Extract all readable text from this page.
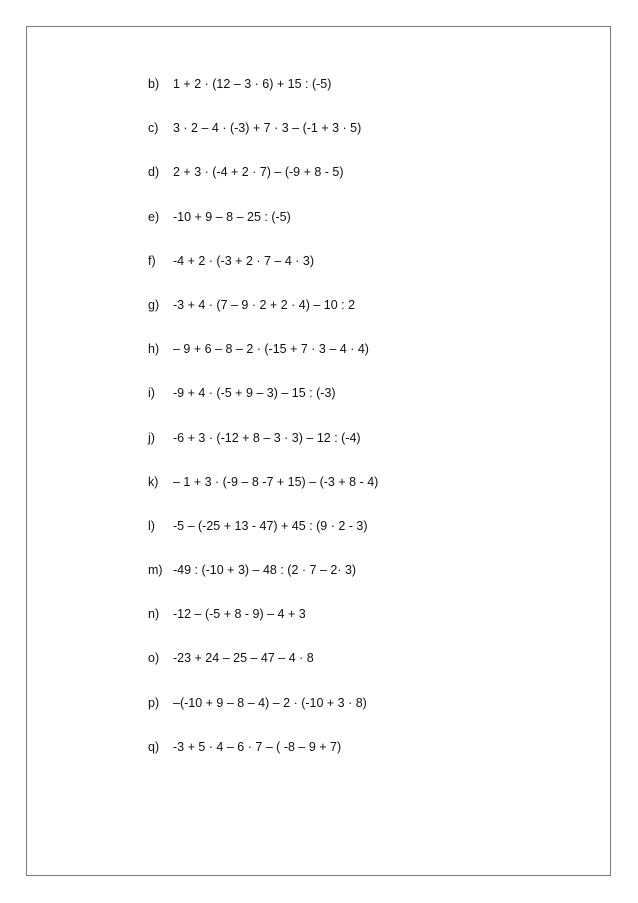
b) 1 + 2 · (12 – 3 · 6) + 15 : (-5)
c) 3 · 2 – 4 · (-3) + 7 · 3 – (-1 + 3 · 5)
d) 2 + 3 · (-4 + 2 · 7) – (-9 + 8 - 5)
e) -10 + 9 – 8 – 25 : (-5)
f) -4 + 2 · (-3 + 2 · 7 – 4 · 3)
g) -3 + 4 · (7 – 9 · 2 + 2 · 4) – 10 : 2
h) – 9 + 6 – 8 – 2 · (-15 + 7 · 3 – 4 · 4)
i) -9 + 4 · (-5 + 9 – 3) – 15 : (-3)
j) -6 + 3 · (-12 + 8 – 3 · 3) – 12 : (-4)
k) – 1 + 3 · (-9 – 8 -7 + 15) – (-3 + 8 - 4)
l) -5 – (-25 + 13 - 47) + 45 : (9 · 2 - 3)
m) -49 : (-10 + 3) – 48 : (2 · 7 – 2· 3)
n) -12 – (-5 + 8 - 9) – 4 + 3
o) -23 + 24 – 25 – 47 – 4 · 8
p) –(-10 + 9 – 8 – 4) – 2 · (-10 + 3 · 8)
q) -3 + 5 · 4 – 6 · 7 – ( -8 – 9 + 7)
